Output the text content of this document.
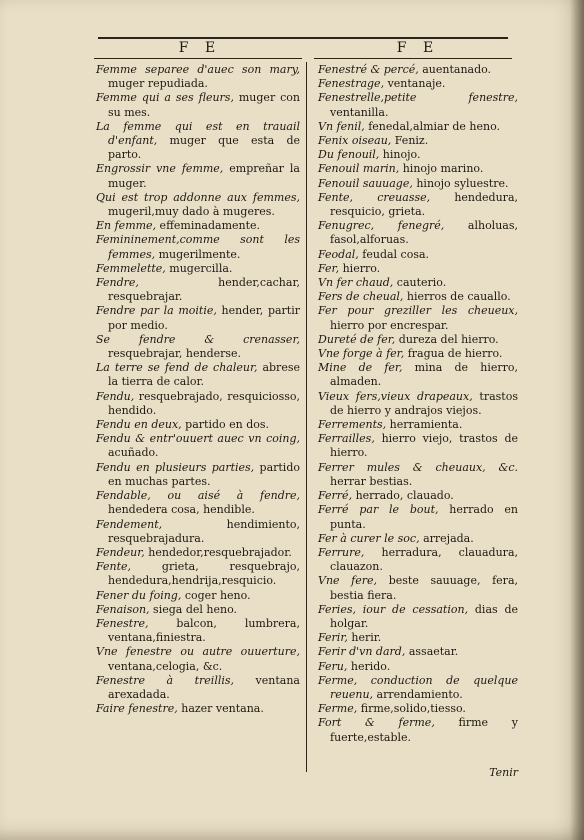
F E	F E
Femme separee d'auec son mary, muger repudiada.
Femme qui a ses fleurs, muger con su mes.
La femme qui est en trauail d'enfant, muger que esta de parto.
Engrossir vne femme, empreñar la muger.
Qui est trop addonne aux femmes, mugeril,muy dado à mugeres.
En femme, effeminadamente.
Femininement,comme sont les femmes, mugerilmente.
Femmelette, mugercilla.
Fendre, hender,cachar, resquebrajar.
Fendre par la moitie, hender, partir por medio.
Se fendre & crenasser, resquebrajar, henderse.
La terre se fend de chaleur, abrese la tierra de calor.
Fendu, resquebrajado, resquiciosso, hendido.
Fendu en deux, partido en dos.
Fendu & entr'ouuert auec vn coing, acuñado.
Fendu en plusieurs parties, partido en muchas partes.
Fendable, ou aisé à fendre, hendedera cosa, hendible.
Fendement, hendimiento, resquebrajadura.
Fendeur, hendedor,resquebrajador.
Fente, grieta, resquebrajo, hendedura,hendrija,resquicio.
Fener du foing, coger heno.
Fenaison, siega del heno.
Fenestre, balcon, lumbrera, ventana,finiestra.
Vne fenestre ou autre ouuerture, ventana,celogia, &c.
Fenestre à treillis, ventana arexadada.
Faire fenestre, hazer ventana.
Fenestré & percé, auentanado.
Fenestrage, ventanaje.
Fenestrelle,petite fenestre, ventanilla.
Vn fenil, fenedal,almiar de heno.
Fenix oiseau, Feniz.
Du fenouil, hinojo.
Fenouil marin, hinojo marino.
Fenouil sauuage, hinojo syluestre.
Fente, creuasse, hendedura, resquicio, grieta.
Fenugrec, fenegré, alholuas, fasol,alforuas.
Feodal, feudal cosa.
Fer, hierro.
Vn fer chaud, cauterio.
Fers de cheual, hierros de cauallo.
Fer pour greziller les cheueux, hierro por encrespar.
Dureté de fer, dureza del hierro.
Vne forge à fer, fragua de hierro.
Mine de fer, mina de hierro, almaden.
Vieux fers,vieux drapeaux, trastos de hierro y andrajos viejos.
Ferrements, herramienta.
Ferrailles, hierro viejo, trastos de hierro.
Ferrer mules & cheuaux, &c. herrar bestias.
Ferré, herrado, clauado.
Ferré par le bout, herrado en punta.
Fer à curer le soc, arrejada.
Ferrure, herradura, clauadura, clauazon.
Vne fere, beste sauuage, fera, bestia fiera.
Feries, iour de cessation, dias de holgar.
Ferir, herir.
Ferir d'vn dard, assaetar.
Feru, herido.
Ferme, conduction de quelque reuenu, arrendamiento.
Ferme, firme,solido,tiesso.
Fort & ferme, firme y fuerte,estable.
Tenir
